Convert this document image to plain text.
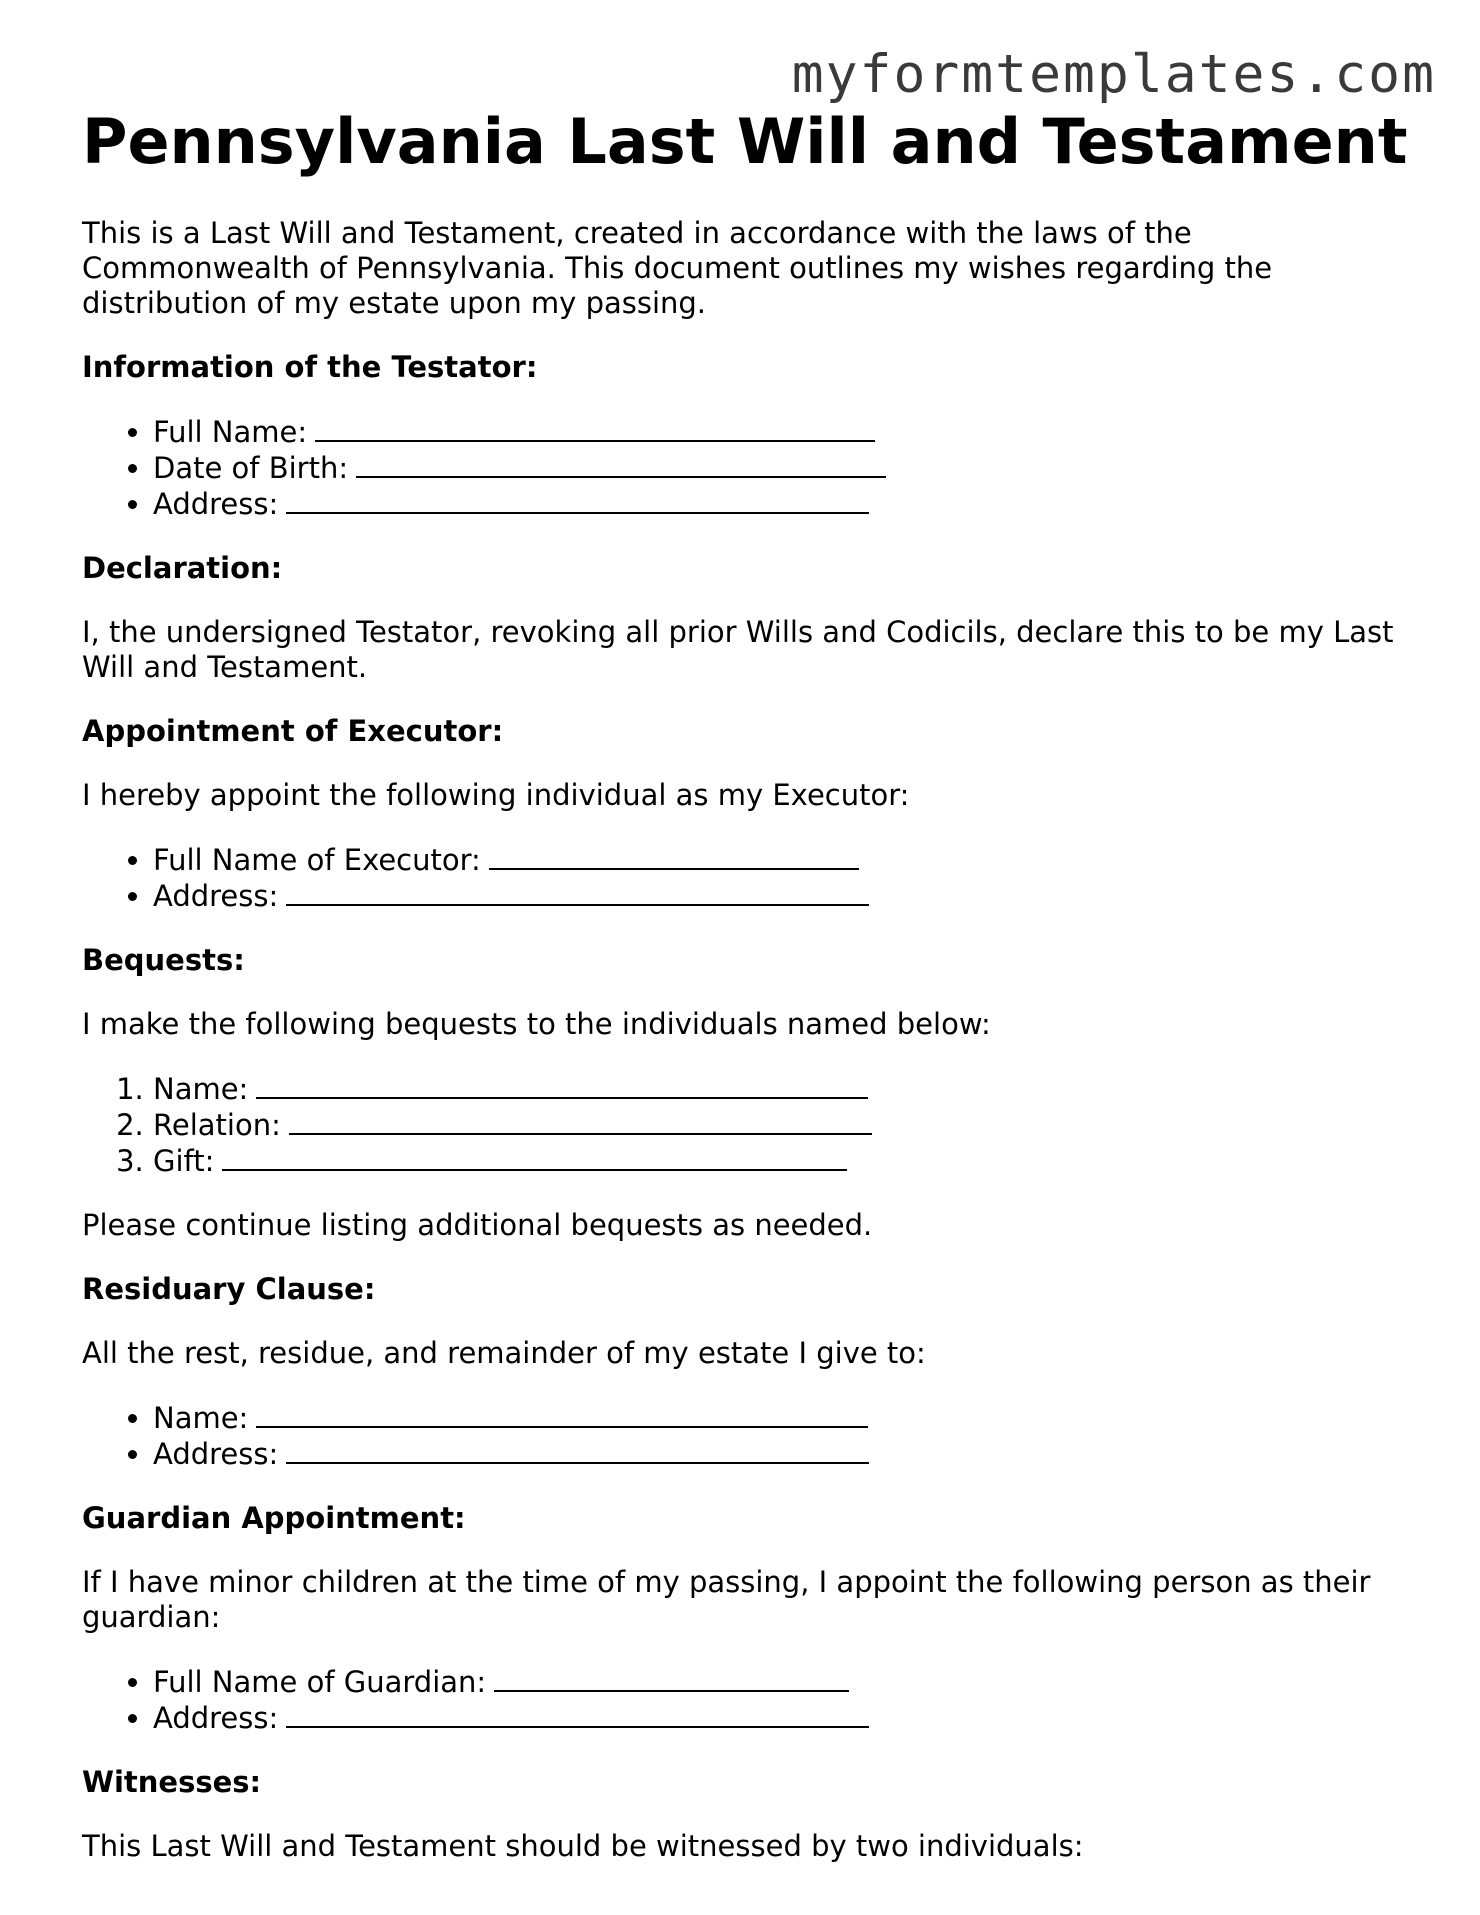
myformtemplates.com
Pennsylvania Last Will and Testament

This is a Last Will and Testament, created in accordance with the laws of the Commonwealth of Pennsylvania. This document outlines my wishes regarding the distribution of my estate upon my passing.

Information of the Testator:
• Full Name:
• Date of Birth:
• Address:
Declaration:

I, the undersigned Testator, revoking all prior Wills and Codicils, declare this to be my Last Will and Testament.

Appointment of Executor:

I hereby appoint the following individual as my Executor:

• Full Name of Executor:
• Address:
Bequests:

I make the following bequests to the individuals named below:

1. Name:
2. Relation:
3. Gift:

Please continue listing additional bequests as needed.

Residuary Clause:

All the rest, residue, and remainder of my estate I give to:

• Name:
• Address:
Guardian Appointment:

If I have minor children at the time of my passing, I appoint the following person as their guardian:

• Full Name of Guardian:
• Address:
Witnesses:

This Last Will and Testament should be witnessed by two individuals:
